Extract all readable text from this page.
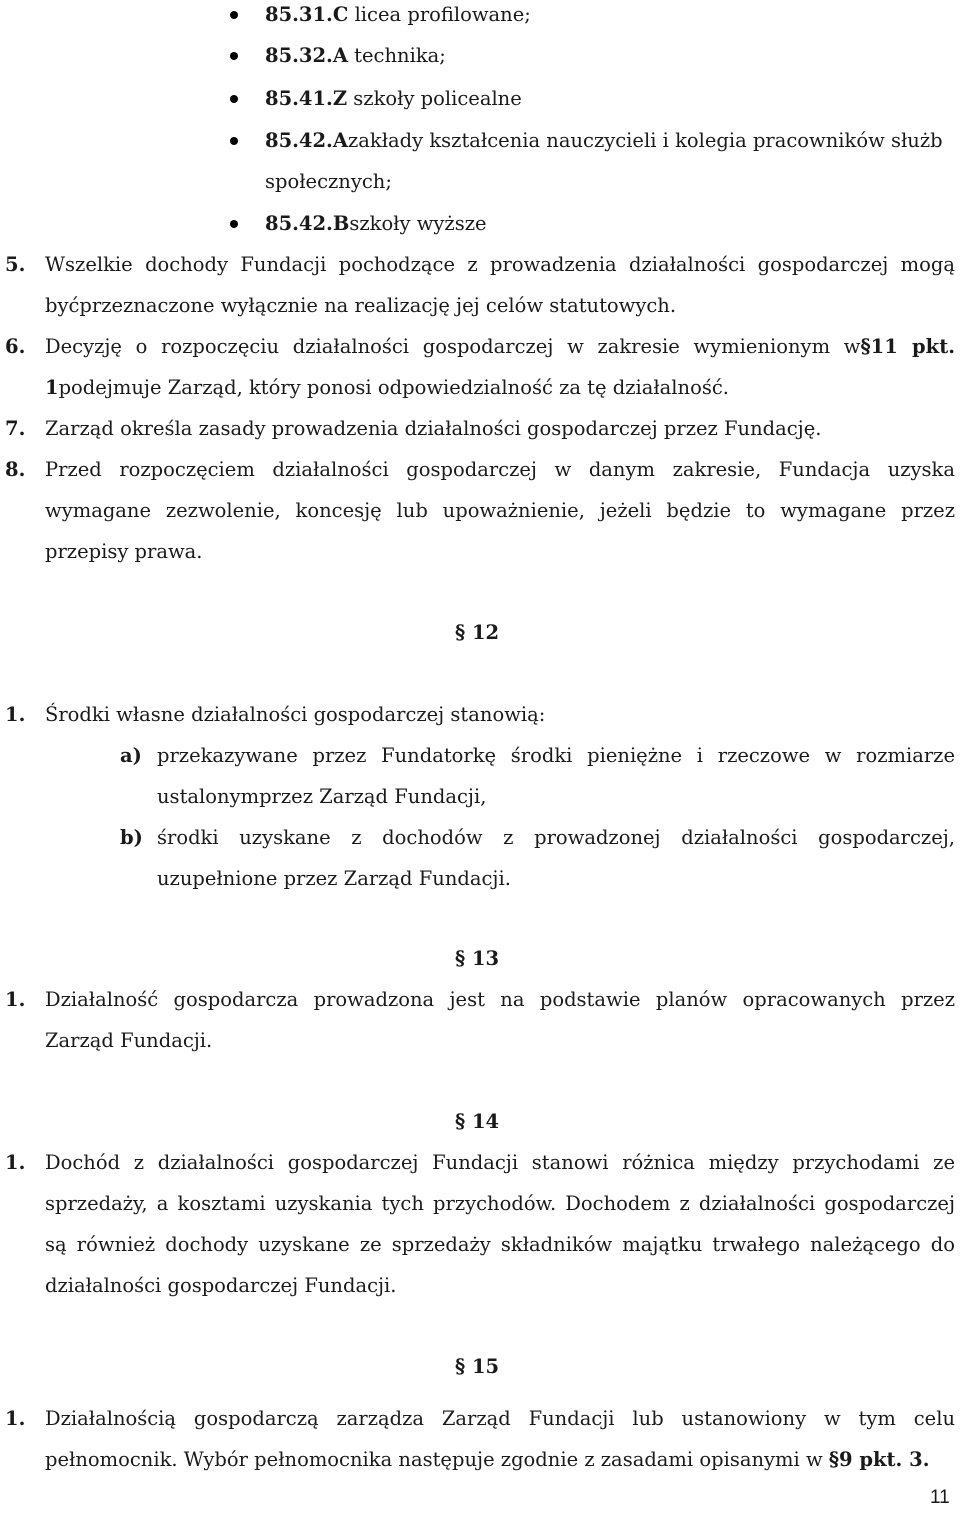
85.31.C licea profilowane;
85.32.A technika;
85.41.Z szkoły policealne
85.42.Azakłady kształcenia nauczycieli i kolegia pracowników służb
społecznych;
85.42.Bszkoły wyższe
5. Wszelkie dochody Fundacji pochodzące z prowadzenia działalności gospodarczej mogą
byćprzeznaczone wyłącznie na realizację jej celów statutowych.
6. Decyzję o rozpoczęciu działalności gospodarczej w zakresie wymienionym w§11 pkt.
1podejmuje Zarząd, który ponosi odpowiedzialność za tę działalność.
7. Zarząd określa zasady prowadzenia działalności gospodarczej przez Fundację.
8. Przed rozpoczęciem działalności gospodarczej w danym zakresie, Fundacja uzyska
wymagane zezwolenie, koncesję lub upoważnienie, jeżeli będzie to wymagane przez
przepisy prawa.
§ 12
1. Środki własne działalności gospodarczej stanowią:
a) przekazywane przez Fundatorkę środki pieniężne i rzeczowe w rozmiarze
ustalonymprzez Zarząd Fundacji,
b) środki uzyskane z dochodów z prowadzonej działalności gospodarczej,
uzupełnione przez Zarząd Fundacji.
§ 13
1. Działalność gospodarcza prowadzona jest na podstawie planów opracowanych przez
Zarząd Fundacji.
§ 14
1. Dochód z działalności gospodarczej Fundacji stanowi różnica między przychodami ze
sprzedaży, a kosztami uzyskania tych przychodów. Dochodem z działalności gospodarczej
są również dochody uzyskane ze sprzedaży składników majątku trwałego należącego do
działalności gospodarczej Fundacji.
§ 15
1. Działalnością gospodarczą zarządza Zarząd Fundacji lub ustanowiony w tym celu
pełnomocnik. Wybór pełnomocnika następuje zgodnie z zasadami opisanymi w §9 pkt. 3.
11
